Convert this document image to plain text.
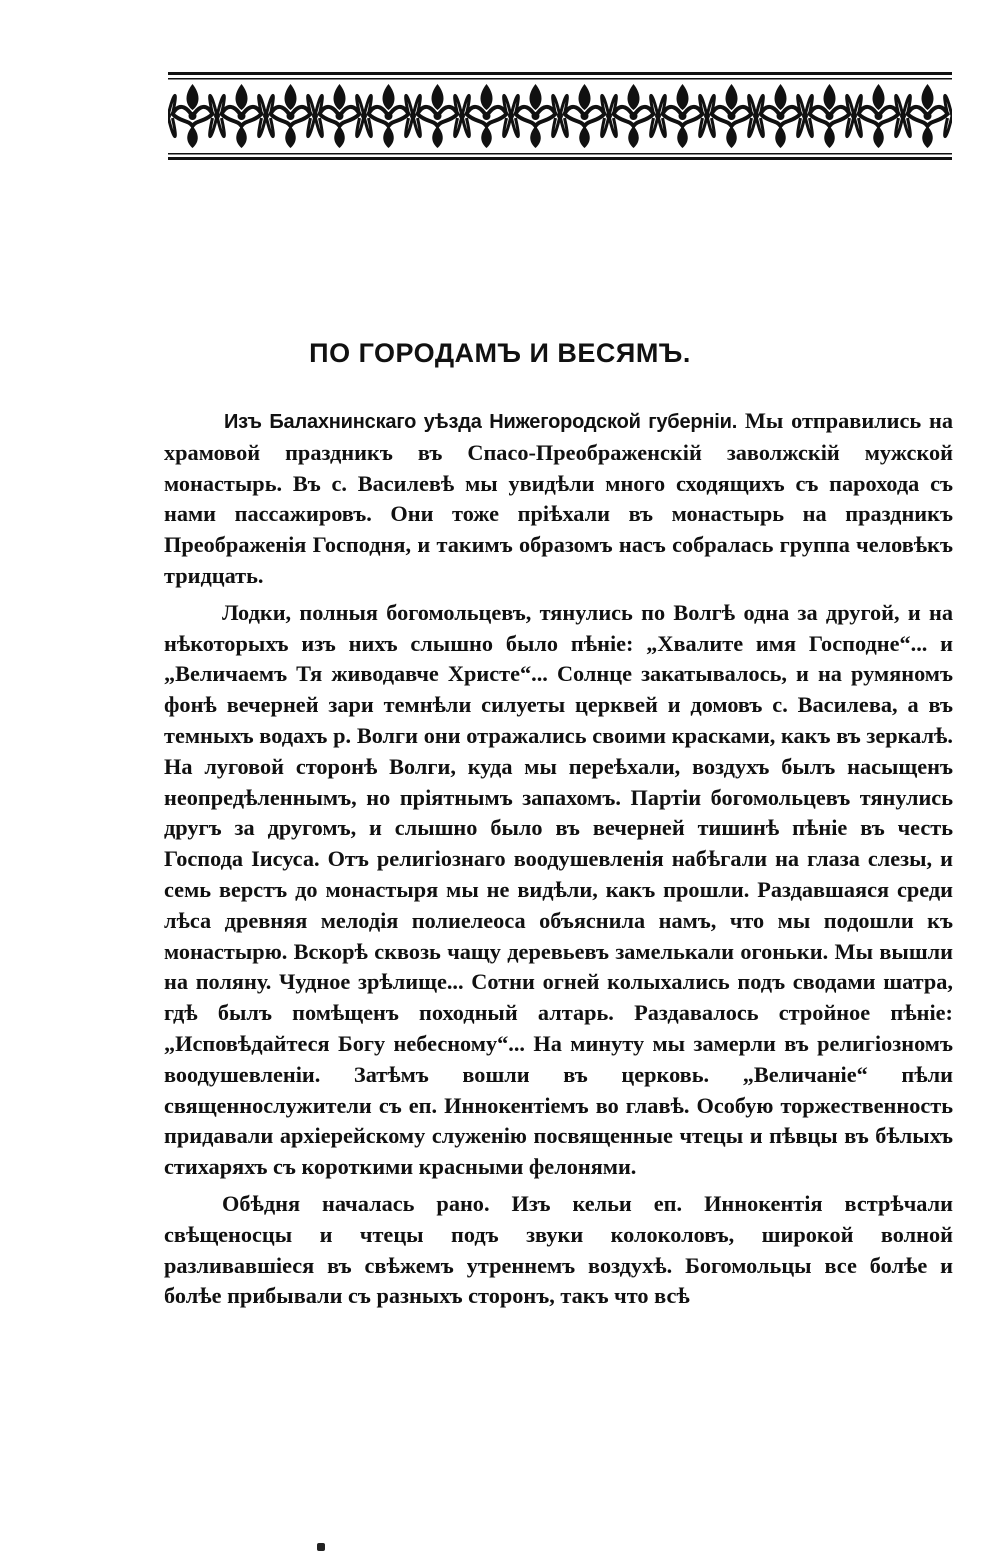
ПО ГОРОДАМЪ И ВЕСЯМЪ.

Изъ Балахнинскаго уѣзда Нижегородской губерніи. Мы отправились на храмовой праздникъ въ Спасо-Преображенскій заволжскій мужской монастырь. Въ с. Василевѣ мы увидѣли много сходящихъ съ парохода съ нами пассажировъ. Они тоже пріѣхали въ монастырь на праздникъ Преображенія Господня, и такимъ образомъ насъ собралась группа человѣкъ тридцать.

Лодки, полныя богомольцевъ, тянулись по Волгѣ одна за другой, и на нѣкоторыхъ изъ нихъ слышно было пѣніе: „Хвалите имя Господне“... и „Величаемъ Тя живодавче Христе“... Солнце закатывалось, и на румяномъ фонѣ вечерней зари темнѣли силуеты церквей и домовъ с. Василева, а въ темныхъ водахъ р. Волги они отражались своими красками, какъ въ зеркалѣ. На луговой сторонѣ Волги, куда мы переѣхали, воздухъ былъ насыщенъ неопредѣленнымъ, но пріятнымъ запахомъ. Партіи богомольцевъ тянулись другъ за другомъ, и слышно было въ вечерней тишинѣ пѣніе въ честь Господа Іисуса. Отъ религіознаго воодушевленія набѣгали на глаза слезы, и семь верстъ до монастыря мы не видѣли, какъ прошли. Раздавшаяся среди лѣса древняя мелодія полиелеоса объяснила намъ, что мы подошли къ монастырю. Вскорѣ сквозь чащу деревьевъ замелькали огоньки. Мы вышли на поляну. Чудное зрѣлище... Сотни огней колыхались подъ сводами шатра, гдѣ былъ помѣщенъ походный алтарь. Раздавалось стройное пѣніе: „Исповѣдайтеся Богу небесному“... На минуту мы замерли въ религіозномъ воодушевленіи. Затѣмъ вошли въ церковь. „Величаніе“ пѣли священнослужители съ еп. Иннокентіемъ во главѣ. Особую торжественность придавали архіерейскому служенію посвященные чтецы и пѣвцы въ бѣлыхъ стихаряхъ съ короткими красными фелонями.

Обѣдня началась рано. Изъ кельи еп. Иннокентія встрѣчали свѣщеносцы и чтецы подъ звуки колоколовъ, широкой волной разливавшіеся въ свѣжемъ утреннемъ воздухѣ. Богомольцы все болѣе и болѣе прибывали съ разныхъ сторонъ, такъ что всѣ
